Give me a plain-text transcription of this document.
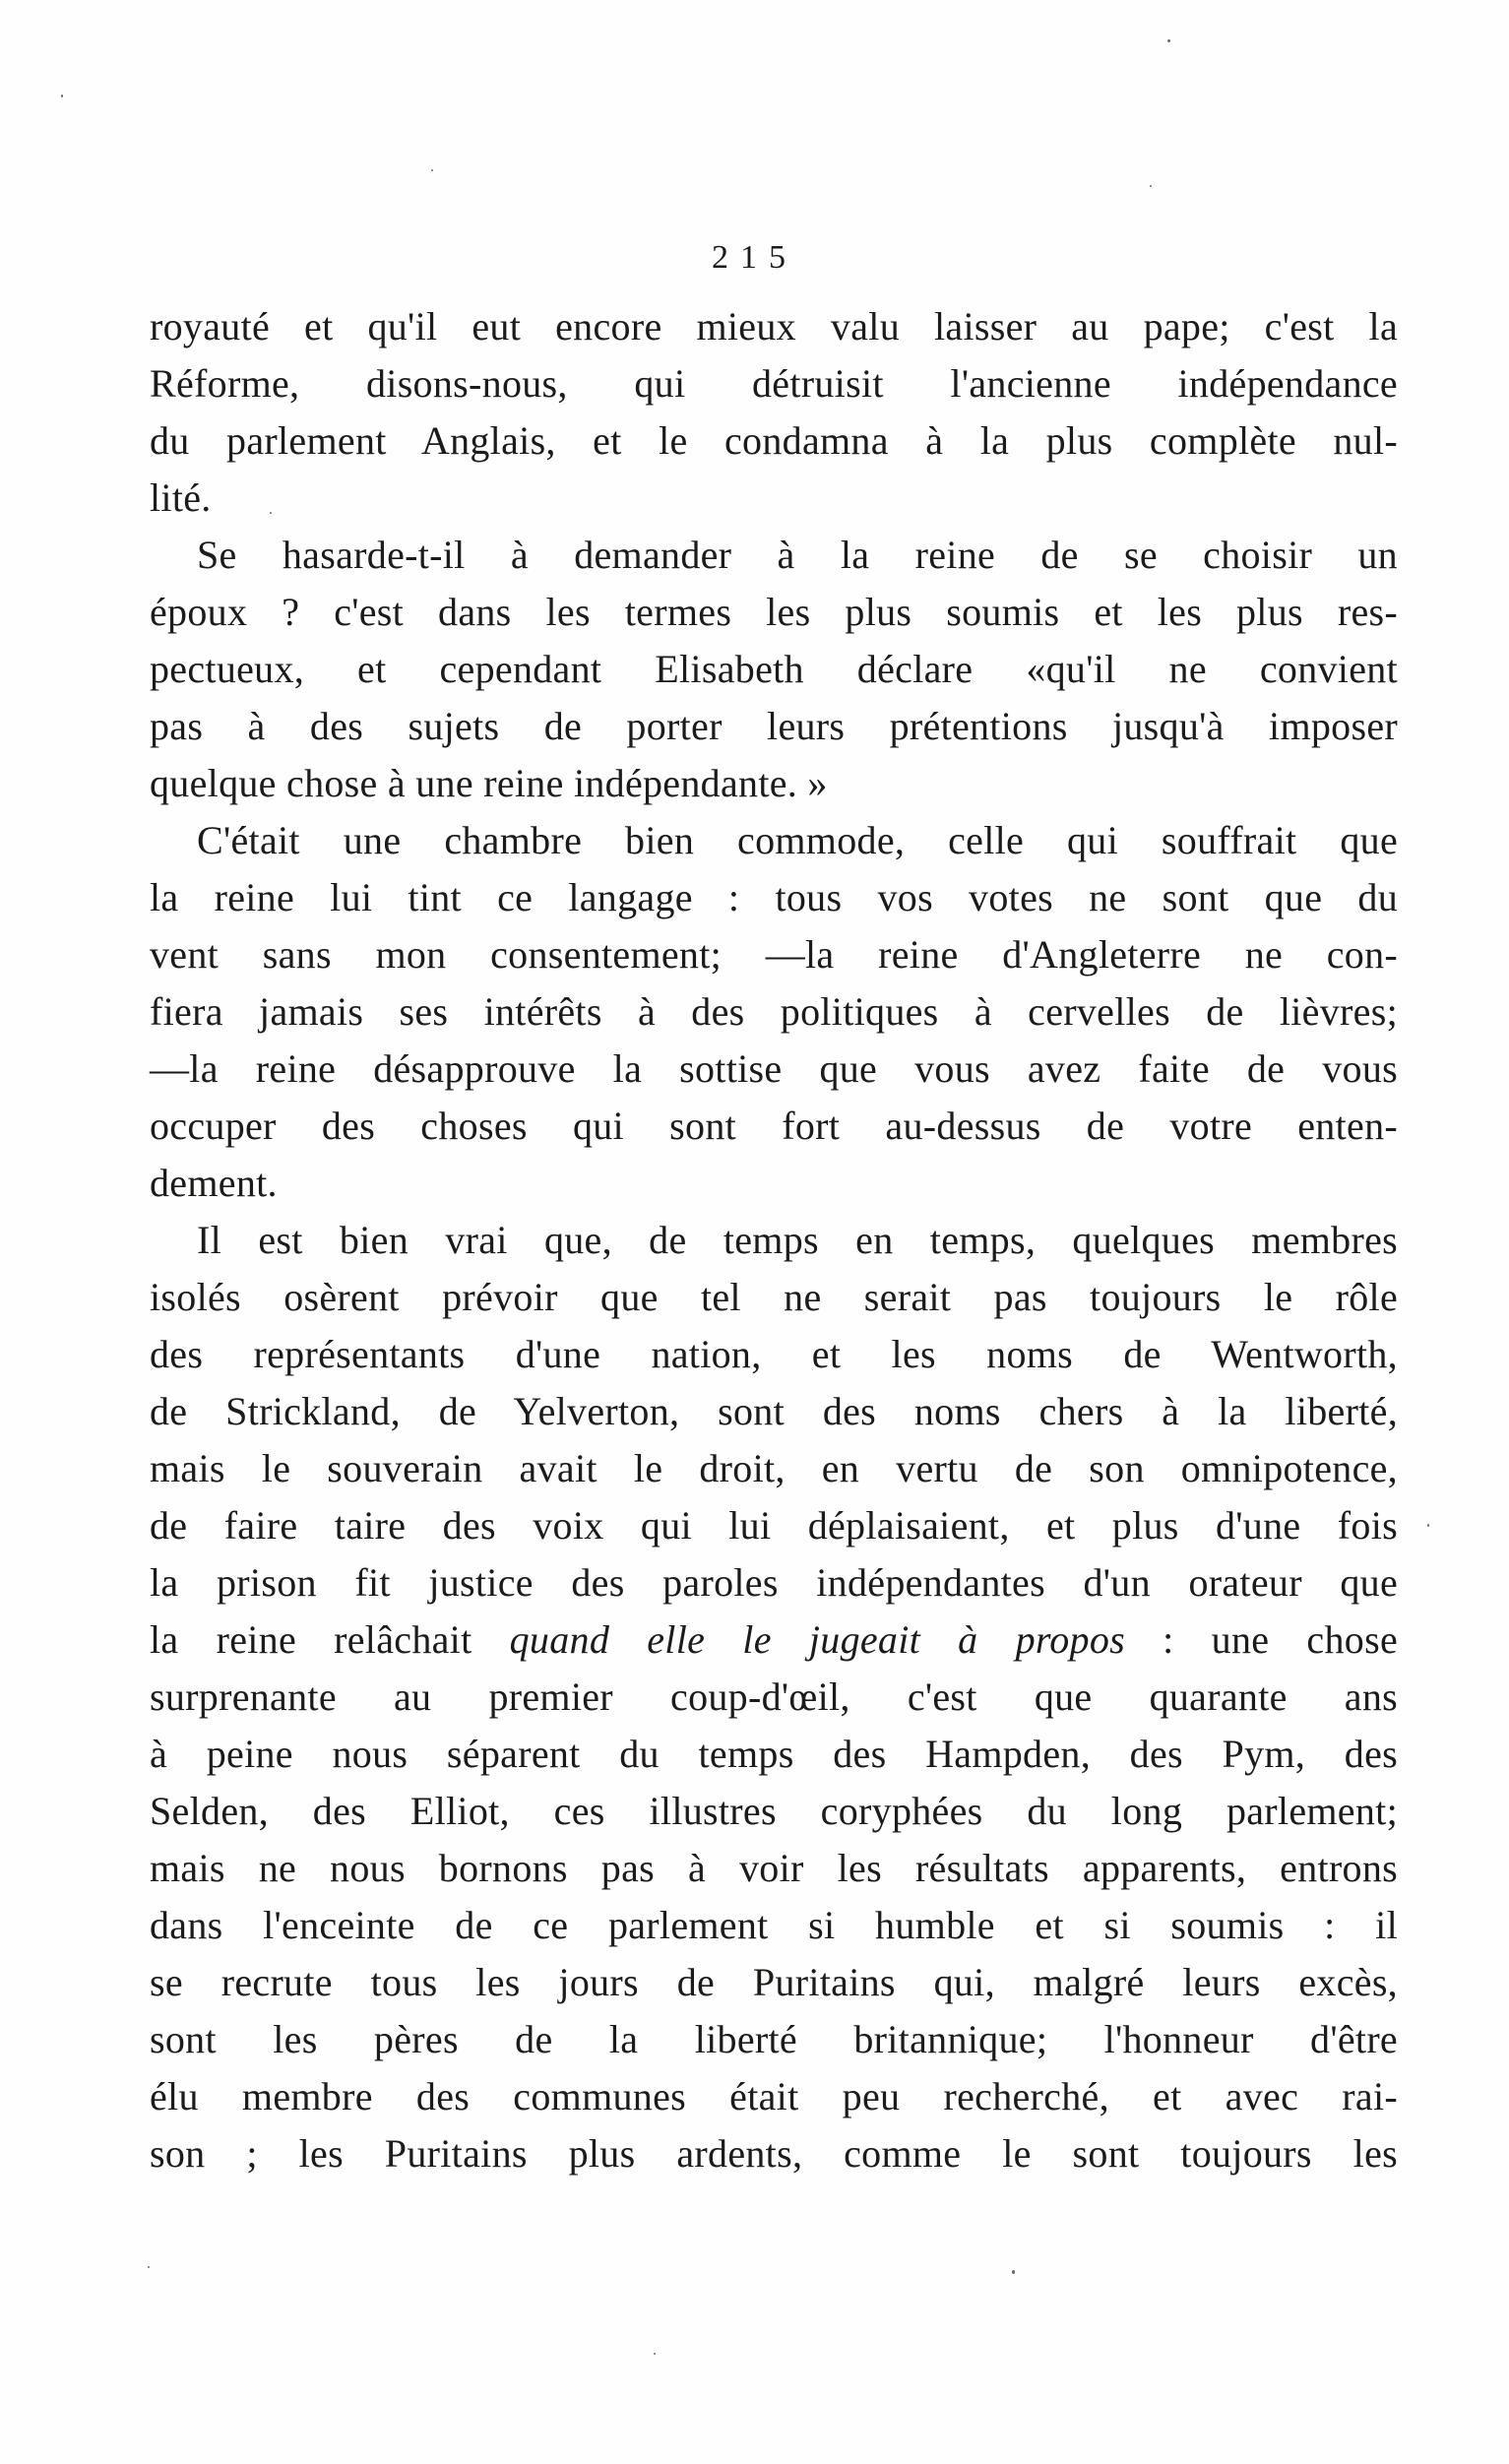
215
royauté et qu'il eut encore mieux valu laisser au pape; c'est la
Réforme, disons-nous, qui détruisit l'ancienne indépendance
du parlement Anglais, et le condamna à la plus complète nul-
lité.
Se hasarde-t-il à demander à la reine de se choisir un
époux ? c'est dans les termes les plus soumis et les plus res-
pectueux, et cependant Elisabeth déclare «qu'il ne convient
pas à des sujets de porter leurs prétentions jusqu'à imposer
quelque chose à une reine indépendante. »
C'était une chambre bien commode, celle qui souffrait que
la reine lui tint ce langage : tous vos votes ne sont que du
vent sans mon consentement; —la reine d'Angleterre ne con-
fiera jamais ses intérêts à des politiques à cervelles de lièvres;
—la reine désapprouve la sottise que vous avez faite de vous
occuper des choses qui sont fort au-dessus de votre enten-
dement.
Il est bien vrai que, de temps en temps, quelques membres
isolés osèrent prévoir que tel ne serait pas toujours le rôle
des représentants d'une nation, et les noms de Wentworth,
de Strickland, de Yelverton, sont des noms chers à la liberté,
mais le souverain avait le droit, en vertu de son omnipotence,
de faire taire des voix qui lui déplaisaient, et plus d'une fois
la prison fit justice des paroles indépendantes d'un orateur que
la reine relâchait quand elle le jugeait à propos : une chose
surprenante au premier coup-d'œil, c'est que quarante ans
à peine nous séparent du temps des Hampden, des Pym, des
Selden, des Elliot, ces illustres coryphées du long parlement;
mais ne nous bornons pas à voir les résultats apparents, entrons
dans l'enceinte de ce parlement si humble et si soumis : il
se recrute tous les jours de Puritains qui, malgré leurs excès,
sont les pères de la liberté britannique; l'honneur d'être
élu membre des communes était peu recherché, et avec rai-
son ; les Puritains plus ardents, comme le sont toujours les
